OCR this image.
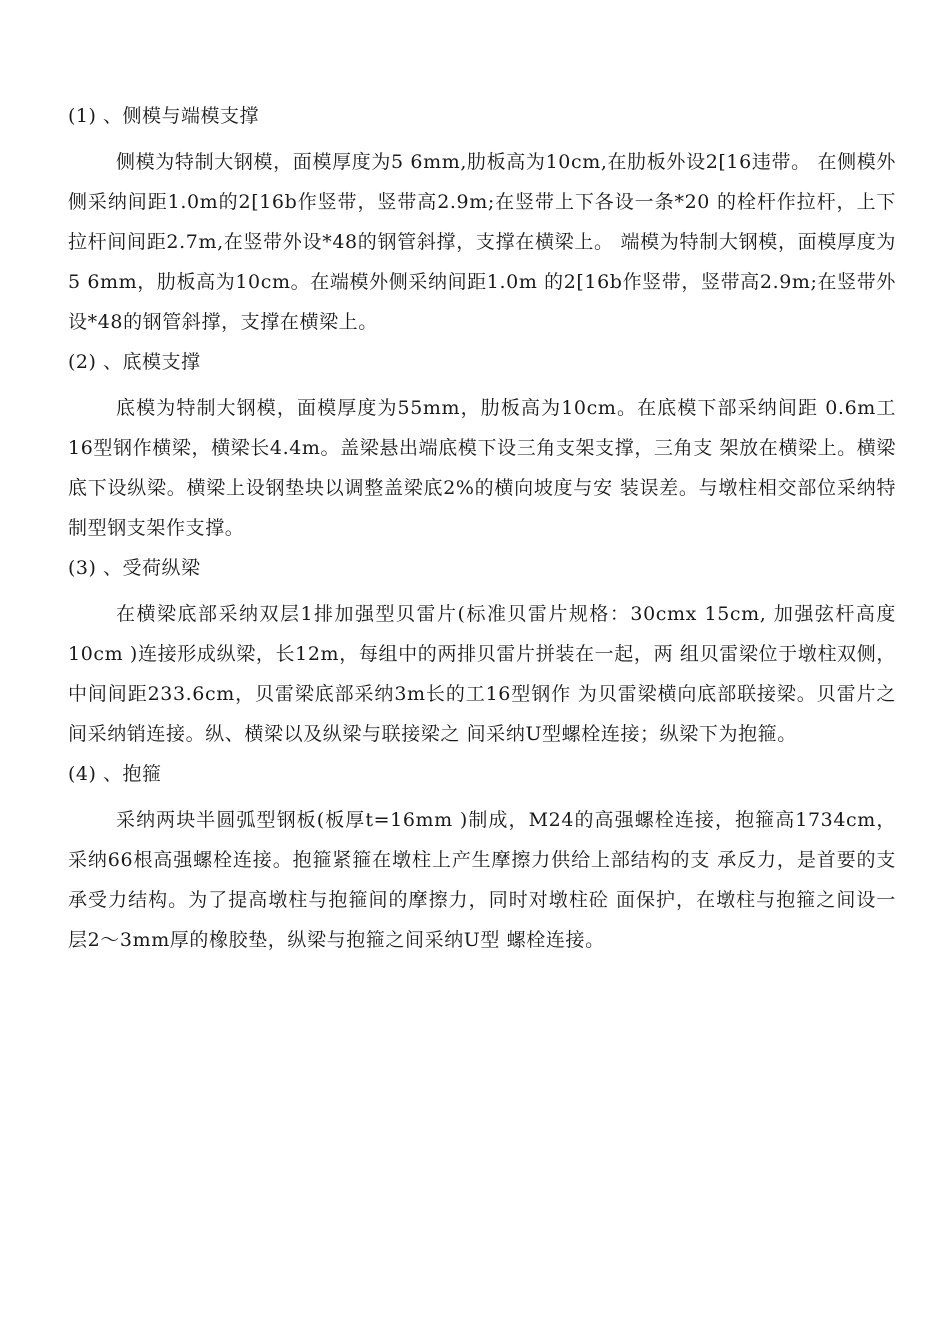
(1) 、侧模与端模支撑

侧模为特制大钢模，面模厚度为5 6mm,肋板高为10cm,在肋板外设2[16违带。 在侧模外侧采纳间距1.0m的2[16b作竖带，竖带高2.9m;在竖带上下各设一条*20 的栓杆作拉杆，上下拉杆间间距2.7m,在竖带外设*48的钢管斜撑，支撑在横梁上。 端模为特制大钢模，面模厚度为5 6mm，肋板高为10cm。在端模外侧采纳间距1.0m 的2[16b作竖带，竖带高2.9m;在竖带外设*48的钢管斜撑，支撑在横梁上。

(2) 、底模支撑

底模为特制大钢模，面模厚度为55mm，肋板高为10cm。在底模下部采纳间距 0.6m工16型钢作横梁，横梁长4.4m。盖梁悬出端底模下设三角支架支撑，三角支 架放在横梁上。横梁底下设纵梁。横梁上设钢垫块以调整盖梁底2%的横向坡度与安 装误差。与墩柱相交部位采纳特制型钢支架作支撑。

(3) 、受荷纵梁

在横梁底部采纳双层1排加强型贝雷片(标准贝雷片规格：30cmx 15cm, 加强弦杆高度10cm )连接形成纵梁，长12m，每组中的两排贝雷片拼装在一起，两 组贝雷梁位于墩柱双侧，中间间距233.6cm，贝雷梁底部采纳3m长的工16型钢作 为贝雷梁横向底部联接梁。贝雷片之间采纳销连接。纵、横梁以及纵梁与联接梁之 间采纳U型螺栓连接；纵梁下为抱箍。

(4) 、抱箍

采纳两块半圆弧型钢板(板厚t=16mm )制成，M24的高强螺栓连接，抱箍高1734cm，采纳66根高强螺栓连接。抱箍紧箍在墩柱上产生摩擦力供给上部结构的支 承反力，是首要的支承受力结构。为了提高墩柱与抱箍间的摩擦力，同时对墩柱砼 面保护，在墩柱与抱箍之间设一层2〜3mm厚的橡胶垫，纵梁与抱箍之间采纳U型 螺栓连接。
